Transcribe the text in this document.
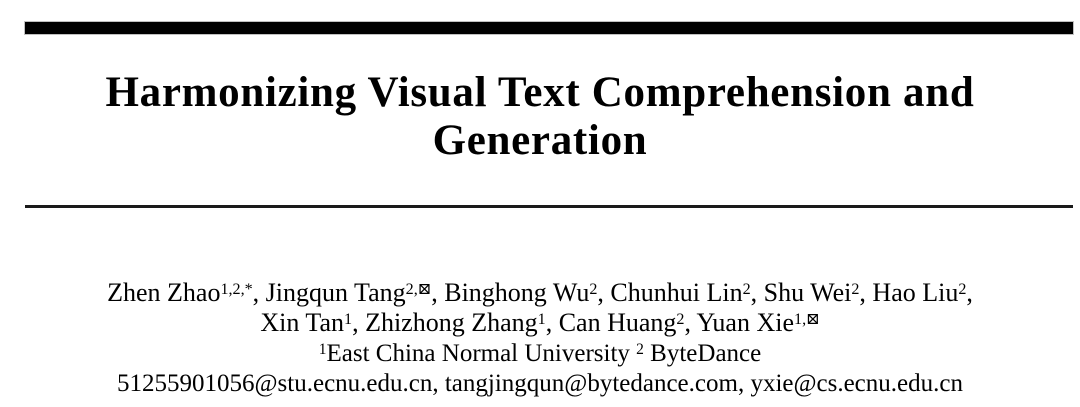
Harmonizing Visual Text Comprehension and Generation
Zhen Zhao$^{1,2,*}$, Jingqun Tang$^{2,⊠}$, Binghong Wu$^2$, Chunhui Lin$^2$, Shu Wei$^2$, Hao Liu$^2$,
Xin Tan$^1$, Zhizhong Zhang$^1$, Can Huang$^2$, Yuan Xie$^{1,⊠}$
$^1$East China Normal University $^2$ ByteDance
51255901056@stu.ecnu.edu.cn, tangjingqun@bytedance.com, yxie@cs.ecnu.edu.cn
